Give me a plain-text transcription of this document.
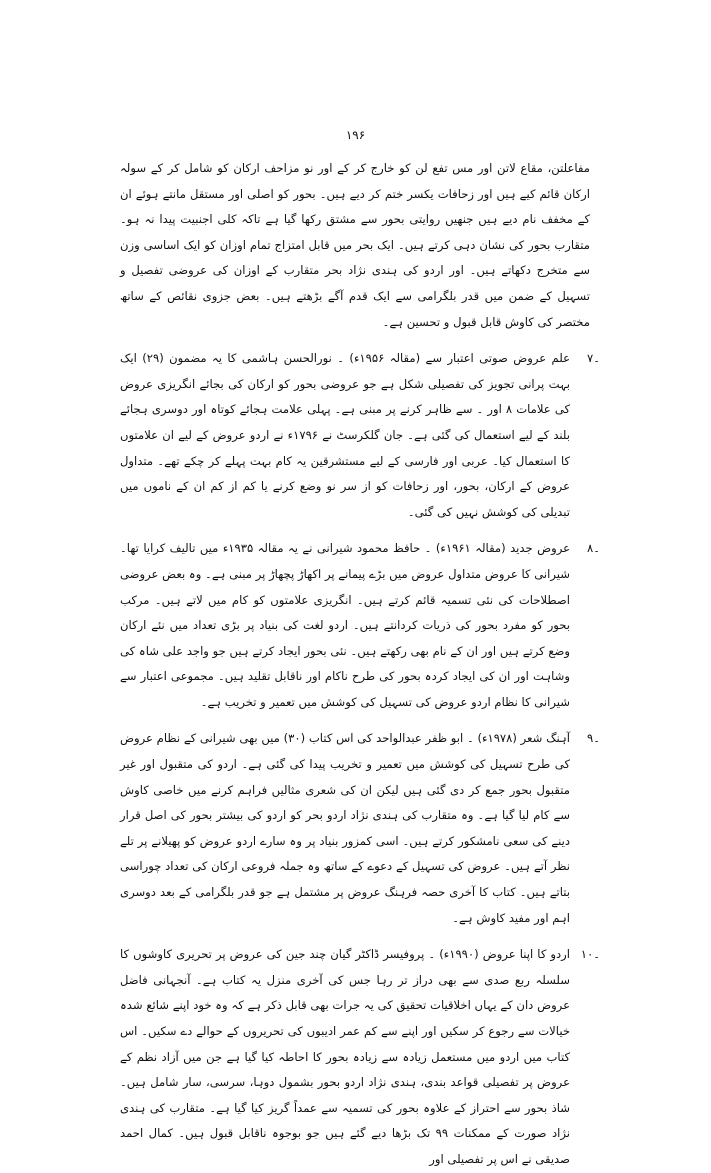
۱۹۶

مفاعلتن، مقاع لاتن اور مس تفع لن کو خارج کر کے اور نو مزاحف ارکان کو شامل کر کے سولہ ارکان قائم کیے ہیں اور زحافات یکسر ختم کر دیے ہیں۔ بحور کو اصلی اور مستقل مانتے ہوئے ان کے مخفف نام دیے ہیں جنھیں روایتی بحور سے مشتق رکھا گیا ہے تاکہ کلی اجنبیت پیدا نہ ہو۔ متقارب بحور کی نشان دہی کرتے ہیں۔ ایک بحر میں قابل امتزاج تمام اوزان کو ایک اساسی وزن سے متخرج دکھاتے ہیں۔ اور اردو کی ہندی نژاد بحر متقارب کے اوزان کی عروضی تفصیل و تسہیل کے ضمن میں قدر بلگرامی سے ایک قدم آگے بڑھتے ہیں۔ بعض جزوی نقائص کے ساتھ مختصر کی کاوش قابل قبول و تحسین ہے۔

۷۔
علم عروض صوتی اعتبار سے (مقالہ ۱۹۵۶ء) ۔ نورالحسن ہاشمی کا یہ مضمون (۲۹) ایک بہت پرانی تجویز کی تفصیلی شکل ہے جو عروضی بحور کو ارکان کی بجائے انگریزی عروض کی علامات ۸ اور ۔ سے ظاہر کرنے پر مبنی ہے۔ پہلی علامت ہجائے کوتاہ اور دوسری ہجائے بلند کے لیے استعمال کی گئی ہے۔ جان گلکرسٹ نے ۱۷۹۶ء نے اردو عروض کے لیے ان علامتوں کا استعمال کیا۔ عربی اور فارسی کے لیے مستشرقین یہ کام بہت پہلے کر چکے تھے۔ متداول عروض کے ارکان، بحور، اور زحافات کو از سر نو وضع کرنے یا کم از کم ان کے ناموں میں تبدیلی کی کوشش نہیں کی گئی۔
۸۔
عروض جدید (مقالہ ۱۹۶۱ء) ۔ حافظ محمود شیرانی نے یہ مقالہ ۱۹۳۵ء میں تالیف کرایا تھا۔ شیرانی کا عروض متداول عروض میں بڑے پیمانے پر اکھاڑ پچھاڑ پر مبنی ہے۔ وہ بعض عروضی اصطلاحات کی نئی تسمیہ قائم کرتے ہیں۔ انگریزی علامتوں کو کام میں لاتے ہیں۔ مرکب بحور کو مفرد بحور کی ذریات کردانتے ہیں۔ اردو لغت کی بنیاد پر بڑی تعداد میں نئے ارکان وضع کرتے ہیں اور ان کے نام بھی رکھتے ہیں۔ نئی بحور ایجاد کرتے ہیں جو واجد علی شاہ کی وشاہت اور ان کی ایجاد کردہ بحور کی طرح ناکام اور ناقابل تقلید ہیں۔ مجموعی اعتبار سے شیرانی کا نظام اردو عروض کی تسہیل کی کوشش میں تعمیر و تخریب ہے۔
۹۔
آہنگ شعر (۱۹۷۸ء) ۔ ابو ظفر عبدالواحد کی اس کتاب (۳۰) میں بھی شیرانی کے نظام عروض کی طرح تسہیل کی کوشش میں تعمیر و تخریب پیدا کی گئی ہے۔ اردو کی متقبول اور غیر متقبول بحور جمع کر دی گئی ہیں لیکن ان کی شعری مثالیں فراہم کرنے میں خاصی کاوش سے کام لیا گیا ہے۔ وہ متقارب کی ہندی نژاد اردو بحر کو اردو کی بیشتر بحور کی اصل قرار دینے کی سعی نامشکور کرتے ہیں۔ اسی کمزور بنیاد پر وہ سارے اردو عروض کو پھیلانے پر تلے نظر آتے ہیں۔ عروض کی تسہیل کے دعوے کے ساتھ وہ جملہ فروعی ارکان کی تعداد چوراسی بتاتے ہیں۔ کتاب کا آخری حصہ فرہنگ عروض پر مشتمل ہے جو قدر بلگرامی کے بعد دوسری اہم اور مفید کاوش ہے۔
۱۰۔
اردو کا اپنا عروض (۱۹۹۰ء) ۔ پروفیسر ڈاکٹر گیان چند جین کی عروض پر تحریری کاوشوں کا سلسلہ ربع صدی سے بھی دراز تر رہا جس کی آخری منزل یہ کتاب ہے۔ آنجہانی فاضل عروض دان کے یہاں اخلاقیات تحقیق کی یہ جرات بھی قابل ذکر ہے کہ وہ خود اپنے شائع شدہ خیالات سے رجوع کر سکیں اور اپنے سے کم عمر ادیبوں کی تحریروں کے حوالے دے سکیں۔ اس کتاب میں اردو میں مستعمل زیادہ سے زیادہ بحور کا احاطہ کیا گیا ہے جن میں آزاد نظم کے عروض پر تفصیلی قواعد بندی، ہندی نژاد اردو بحور بشمول دوہا، سرسی، سار شامل ہیں۔ شاذ بحور سے احتراز کے علاوہ بحور کی تسمیہ سے عمداً گریز کیا گیا ہے۔ متقارب کی ہندی نژاد صورت کے ممکنات ۹۹ تک بڑھا دیے گئے ہیں جو بوجوہ ناقابل قبول ہیں۔ کمال احمد صدیقی نے اس پر تفصیلی اور
